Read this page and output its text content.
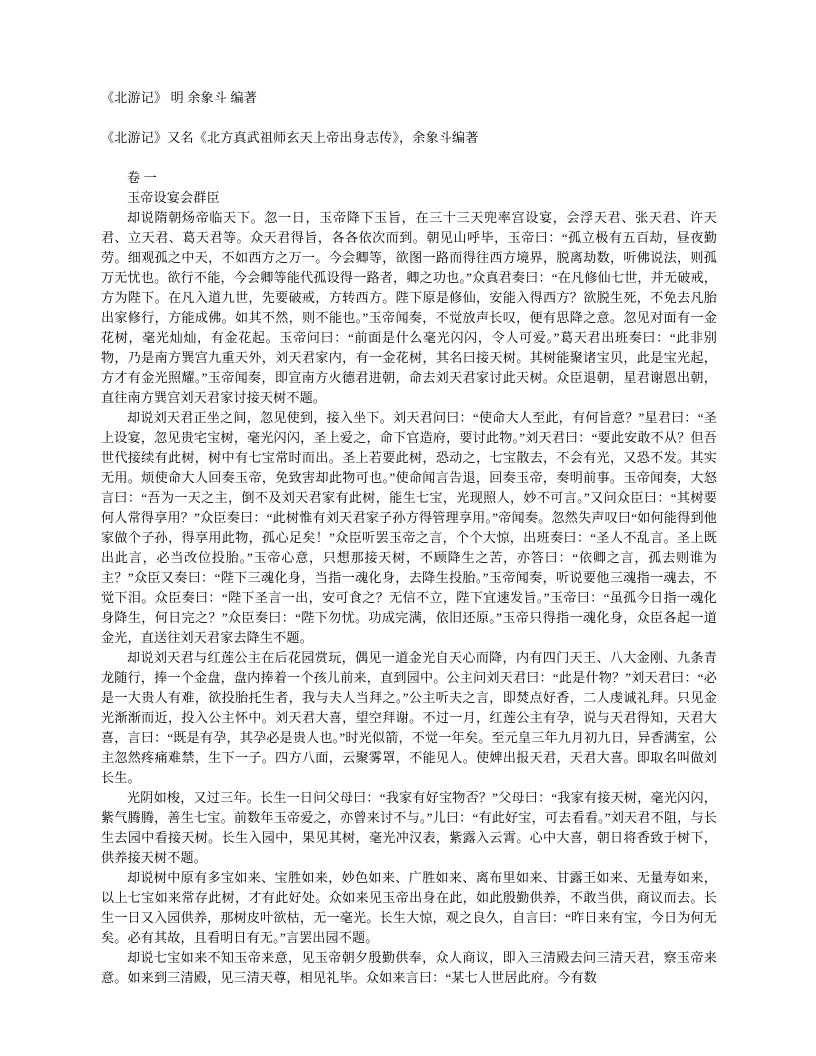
《北游记》 明 余象斗 编著

《北游记》又名《北方真武祖师玄天上帝出身志传》，余象斗编著

卷 一

玉帝设宴会群臣

却说隋朝炀帝临天下。忽一日，玉帝降下玉旨，在三十三天兜率宫设宴，会浮天君、张天君、许天君、立天君、葛天君等。众天君得旨，各各依次而到。朝见山呼毕，玉帝曰：“孤立极有五百劫，昼夜勤劳。细观孤之中天，不如西方之万一。今会卿等，欲图一路而得往西方境界，脱离劫数，听佛说法，则孤万无忧也。欲行不能，今会卿等能代孤设得一路者，卿之功也。”众真君奏曰：“在凡修仙七世，并无破戒，方为陛下。在凡入道九世，先要破戒，方转西方。陛下原是修仙，安能入得西方？欲脱生死，不免去凡胎出家修行，方能成佛。如其不然，则不能也。”玉帝闻奏，不觉放声长叹，便有思降之意。忽见对面有一金花树，毫光灿灿，有金花起。玉帝问曰：“前面是什么毫光闪闪，令人可爱。”葛天君出班奏曰：“此非别物，乃是南方巽宫九重天外，刘天君家内，有一金花树，其名曰接天树。其树能聚诸宝贝，此是宝光起，方才有金光照耀。”玉帝闻奏，即宣南方火德君进朝，命去刘天君家讨此天树。众臣退朝，星君谢恩出朝，直往南方巽宫刘天君家讨接天树不题。

却说刘天君正坐之间，忽见使到，接入坐下。刘天君问曰：“使命大人至此，有何旨意？”星君曰：“圣上设宴，忽见贵宅宝树，毫光闪闪，圣上爱之，命下官造府，要讨此物。”刘天君曰：“要此安敢不从？但吾世代接续有此树，树中有七宝常时而出。圣上若要此树，恐动之，七宝散去，不会有光，又恐不发。其实无用。烦使命大人回奏玉帝，免致害却此物可也。”使命闻言告退，回奏玉帝，奏明前事。玉帝闻奏，大怒言曰：“吾为一天之主，倒不及刘天君家有此树，能生七宝，光现照人，妙不可言。”又问众臣曰：“其树要何人常得享用？”众臣奏曰：“此树惟有刘天君家子孙方得管理享用。”帝闻奏。忽然失声叹曰“如何能得到他家做个子孙，得享用此物，孤心足矣！”众臣听罢玉帝之言，个个大惊，出班奏曰：“圣人不乱言。圣上既出此言，必当改位投胎。”玉帝心意，只想那接天树，不顾降生之苦，亦答曰：“依卿之言，孤去则谁为主？”众臣又奏曰：“陛下三魂化身，当指一魂化身，去降生投胎。”玉帝闻奏，听说要他三魂指一魂去，不觉下泪。众臣奏曰：“陛下圣言一出，安可食之？无信不立，陛下宜速发旨。”玉帝曰：“虽孤今日指一魂化身降生，何日完之？”众臣奏曰：“陛下勿忧。功成完满，依旧还原。”玉帝只得指一魂化身，众臣各起一道金光，直送往刘天君家去降生不题。

却说刘天君与红莲公主在后花园赏玩，偶见一道金光自天心而降，内有四门天王、八大金刚、九条青龙随行，捧一个金盘，盘内捧着一个孩儿前来，直到园中。公主问刘天君曰：“此是什物？”刘天君曰：“必是一大贵人有难，欲投胎托生者，我与夫人当拜之。”公主听夫之言，即焚点好香，二人虔诚礼拜。只见金光渐渐而近，投入公主怀中。刘天君大喜，望空拜谢。不过一月，红莲公主有孕，说与天君得知，天君大喜，言曰：“既是有孕，其孕必是贵人也。”时光似箭，不觉一年矣。至元皇三年九月初九日，异香满室，公主忽然疼痛难禁，生下一子。四方八面，云聚雾罩，不能见人。使婢出报天君，天君大喜。即取名叫做刘长生。

光阴如梭，又过三年。长生一日问父母曰：“我家有好宝物否？”父母曰：“我家有接天树，毫光闪闪，紫气腾腾，善生七宝。前数年玉帝爱之，亦曾来讨不与。”儿曰：“有此好宝，可去看看。”刘天君不阻，与长生去园中看接天树。长生入园中，果见其树，毫光冲汉表，紫露入云霄。心中大喜，朝日将香致于树下，供养接天树不题。

却说树中原有多宝如来、宝胜如来，妙色如来、广胜如来、离布里如来、甘露王如来、无量寿如来，以上七宝如来常存此树，才有此好处。众如来见玉帝出身在此，如此殷勤供养，不敢当供，商议而去。长生一日又入园供养，那树皮叶欲枯，无一毫光。长生大惊，观之良久，自言曰：“昨日来有宝，今日为何无矣。必有其故，且看明日有无。”言罢出园不题。

却说七宝如来不知玉帝来意，见玉帝朝夕殷勤供奉，众人商议，即入三清殿去问三清天君，察玉帝来意。如来到三清殿，见三清天尊，相见礼毕。众如来言曰：“某七人世居此府。今有数
